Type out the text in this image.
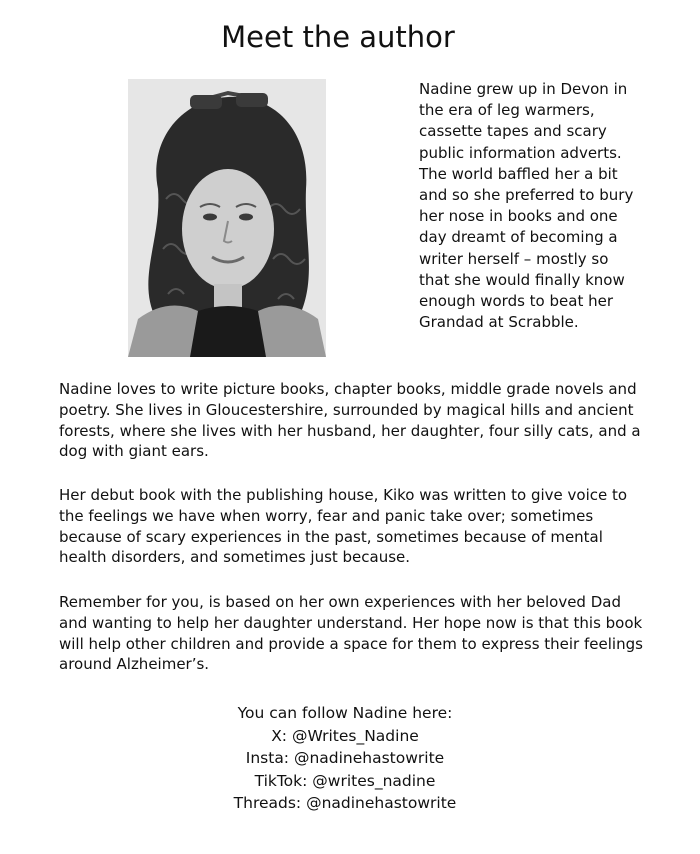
Meet the author

Nadine grew up in Devon in the era of leg warmers, cassette tapes and scary public information adverts. The world baffled her a bit and so she preferred to bury her nose in books and one day dreamt of becoming a writer herself – mostly so that she would finally know enough words to beat her Grandad at Scrabble.

Nadine loves to write picture books, chapter books, middle grade novels and poetry. She lives in Gloucestershire, surrounded by magical hills and ancient forests, where she lives with her husband, her daughter, four silly cats, and a dog with giant ears.

Her debut book with the publishing house, Kiko was written to give voice to the feelings we have when worry, fear and panic take over; sometimes because of scary experiences in the past, sometimes because of mental health disorders, and sometimes just because.

Remember for you, is based on her own experiences with her beloved Dad and wanting to help her daughter understand. Her hope now is that this book will help other children and provide a space for them to express their feelings around Alzheimer’s.

You can follow Nadine here:
X: @Writes_Nadine
Insta: @nadinehastowrite
TikTok: @writes_nadine
Threads: @nadinehastowrite
